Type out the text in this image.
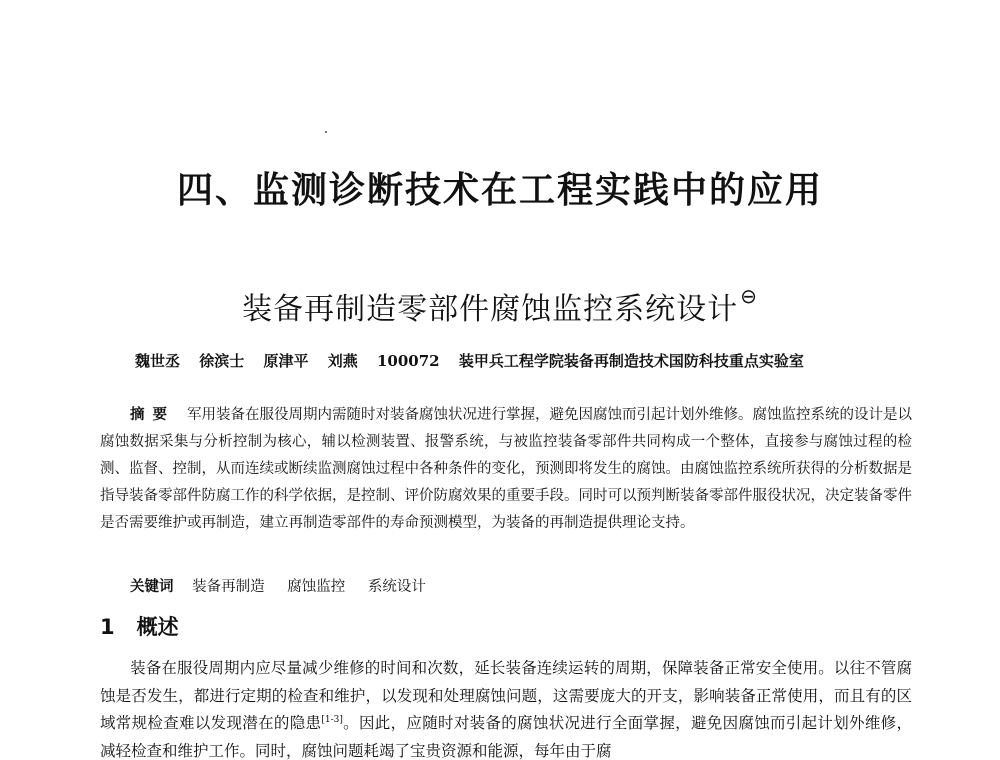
四、监测诊断技术在工程实践中的应用
装备再制造零部件腐蚀监控系统设计 ⊖
魏世丞 徐滨士 原津平 刘燕 100072 装甲兵工程学院装备再制造技术国防科技重点实验室
摘要 军用装备在服役周期内需随时对装备腐蚀状况进行掌握，避免因腐蚀而引起计划外维修。腐蚀监控系统的设计是以腐蚀数据采集与分析控制为核心，辅以检测装置、报警系统，与被监控装备零部件共同构成一个整体，直接参与腐蚀过程的检测、监督、控制，从而连续或断续监测腐蚀过程中各种条件的变化，预测即将发生的腐蚀。由腐蚀监控系统所获得的分析数据是指导装备零部件防腐工作的科学依据，是控制、评价防腐效果的重要手段。同时可以预判断装备零部件服役状况，决定装备零件是否需要维护或再制造，建立再制造零部件的寿命预测模型，为装备的再制造提供理论支持。
关键词 装备再制造 腐蚀监控 系统设计
1 概述
装备在服役周期内应尽量减少维修的时间和次数，延长装备连续运转的周期，保障装备正常安全使用。以往不管腐蚀是否发生，都进行定期的检查和维护，以发现和处理腐蚀问题，这需要庞大的开支，影响装备正常使用，而且有的区域常规检查难以发现潜在的隐患[1-3]。因此，应随时对装备的腐蚀状况进行全面掌握，避免因腐蚀而引起计划外维修，减轻检查和维护工作。同时，腐蚀问题耗竭了宝贵资源和能源，每年由于腐
